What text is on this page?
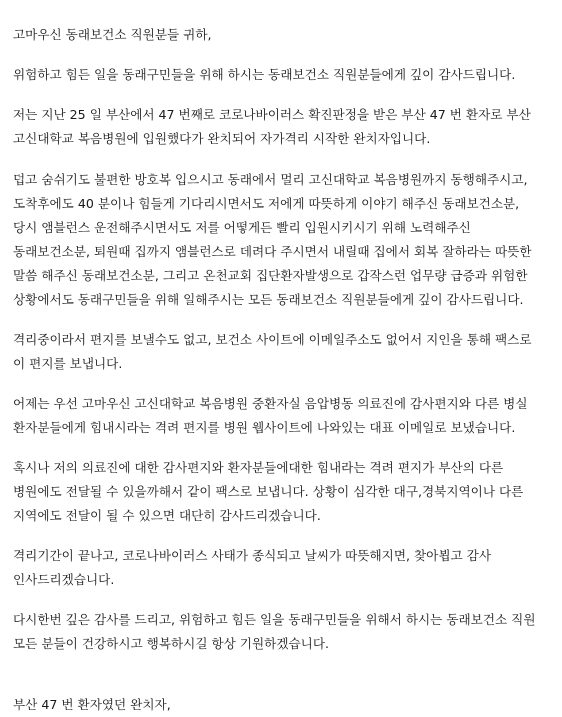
고마우신 동래보건소 직원분들 귀하,

위험하고 힘든 일을 동래구민들을 위해 하시는 동래보건소 직원분들에게 깊이 감사드립니다.
저는 지난 25 일 부산에서 47 번째로 코로나바이러스 확진판정을 받은 부산 47 번 환자로 부산
고신대학교 복음병원에 입원했다가 완치되어 자가격리 시작한 완치자입니다.
덥고 숨쉬기도 불편한 방호복 입으시고 동래에서 멀리 고신대학교 복음병원까지 동행해주시고,
도착후에도 40 분이나 힘들게 기다리시면서도 저에게 따뜻하게 이야기 해주신 동래보건소분,
당시 앰블런스 운전해주시면서도 저를 어떻게든 빨리 입원시키시기 위해 노력해주신
동래보건소분, 퇴원때 집까지 앰블런스로 데려다 주시면서 내릴때 집에서 회복 잘하라는 따뜻한
말씀 해주신 동래보건소분, 그리고 온천교회 집단환자발생으로 갑작스런 업무량 급증과 위험한
상황에서도 동래구민들을 위해 일해주시는 모든 동래보건소 직원분들에게 깊이 감사드립니다.
격리중이라서 편지를 보낼수도 없고, 보건소 사이트에 이메일주소도 없어서 지인을 통해 팩스로
이 편지를 보냅니다.
어제는 우선 고마우신 고신대학교 복음병원 중환자실 음압병동 의료진에 감사편지와 다른 병실
환자분들에게 힘내시라는 격려 편지를 병원 웹사이트에 나와있는 대표 이메일로 보냈습니다.
혹시나 저의 의료진에 대한 감사편지와 환자분들에대한 힘내라는 격려 편지가 부산의 다른
병원에도 전달될 수 있을까해서 같이 팩스로 보냅니다. 상황이 심각한 대구,경북지역이나 다른
지역에도 전달이 될 수 있으면 대단히 감사드리겠습니다.
격리기간이 끝나고, 코로나바이러스 사태가 종식되고 날씨가 따뜻해지면, 찾아뵙고 감사
인사드리겠습니다.
다시한번 깊은 감사를 드리고, 위험하고 힘든 일을 동래구민들을 위해서 하시는 동래보건소 직원
모든 분들이 건강하시고 행복하시길 항상 기원하겠습니다.

부산 47 번 환자였던 완치자,
